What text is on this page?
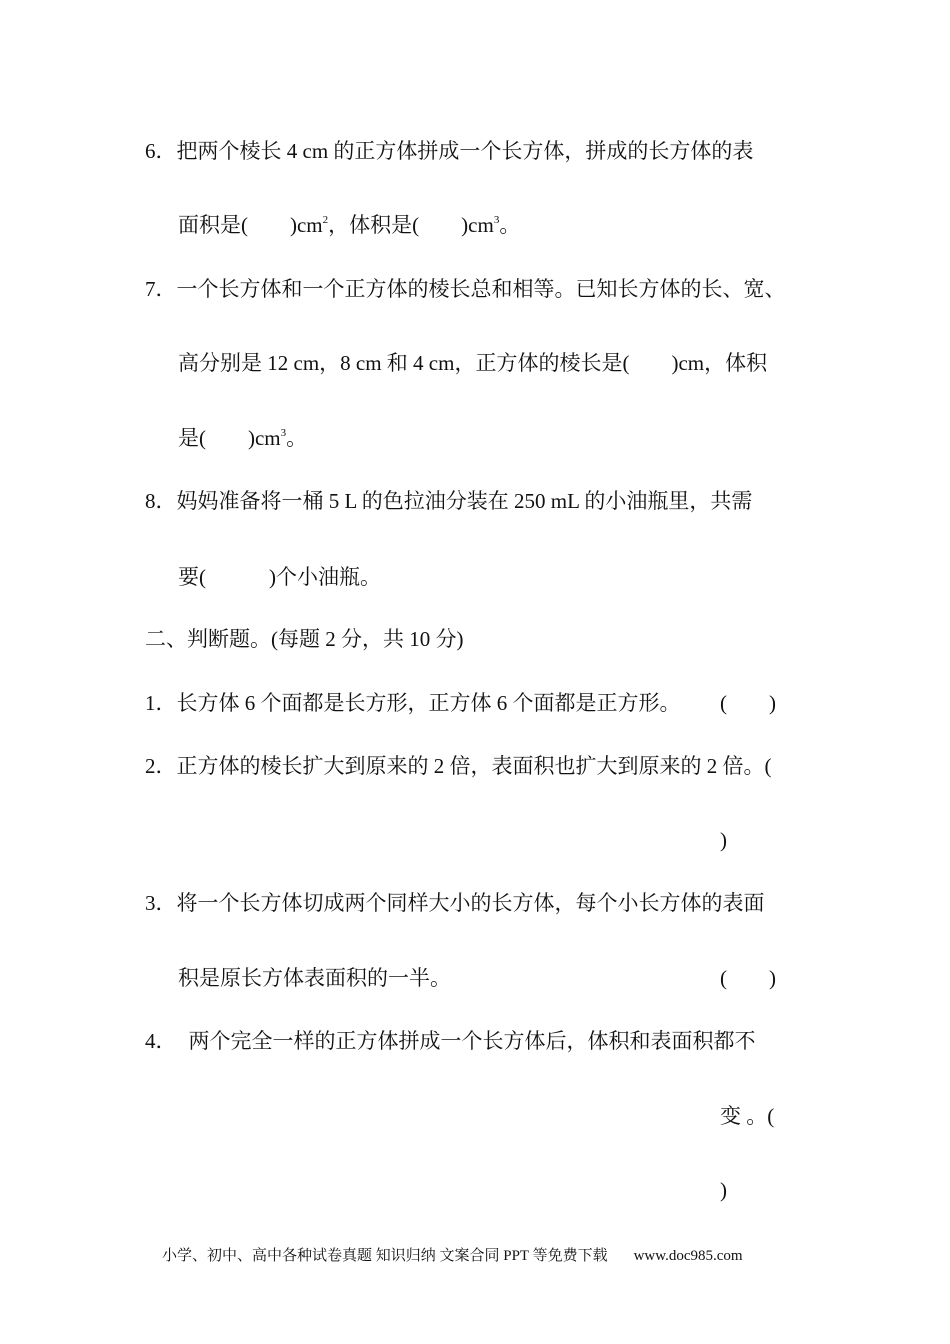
6．把两个棱长 4 cm 的正方体拼成一个长方体，拼成的长方体的表
面积是(　　)$cm^2$，体积是(　　)$cm^3$。
7．一个长方体和一个正方体的棱长总和相等。已知长方体的长、宽、
高分别是 12 cm，8 cm 和 4 cm，正方体的棱长是(　　)cm，体积
是(　　)$cm^3$。
8．妈妈准备将一桶 5 L 的色拉油分装在 250 mL 的小油瓶里，共需
要(　　　)个小油瓶。
二、判断题。(每题 2 分，共 10 分)
1．长方体 6 个面都是长方形，正方体 6 个面都是正方形。 (　　)
2．正方体的棱长扩大到原来的 2 倍，表面积也扩大到原来的 2 倍。(
)
3．将一个长方体切成两个同样大小的长方体，每个小长方体的表面
积是原长方体表面积的一半。	(　　)
4． 两个完全一样的正方体拼成一个长方体后，体积和表面积都不
变 。(
)
小学、初中、高中各种试卷真题 知识归纳 文案合同 PPT 等免费下载 www.doc985.com
